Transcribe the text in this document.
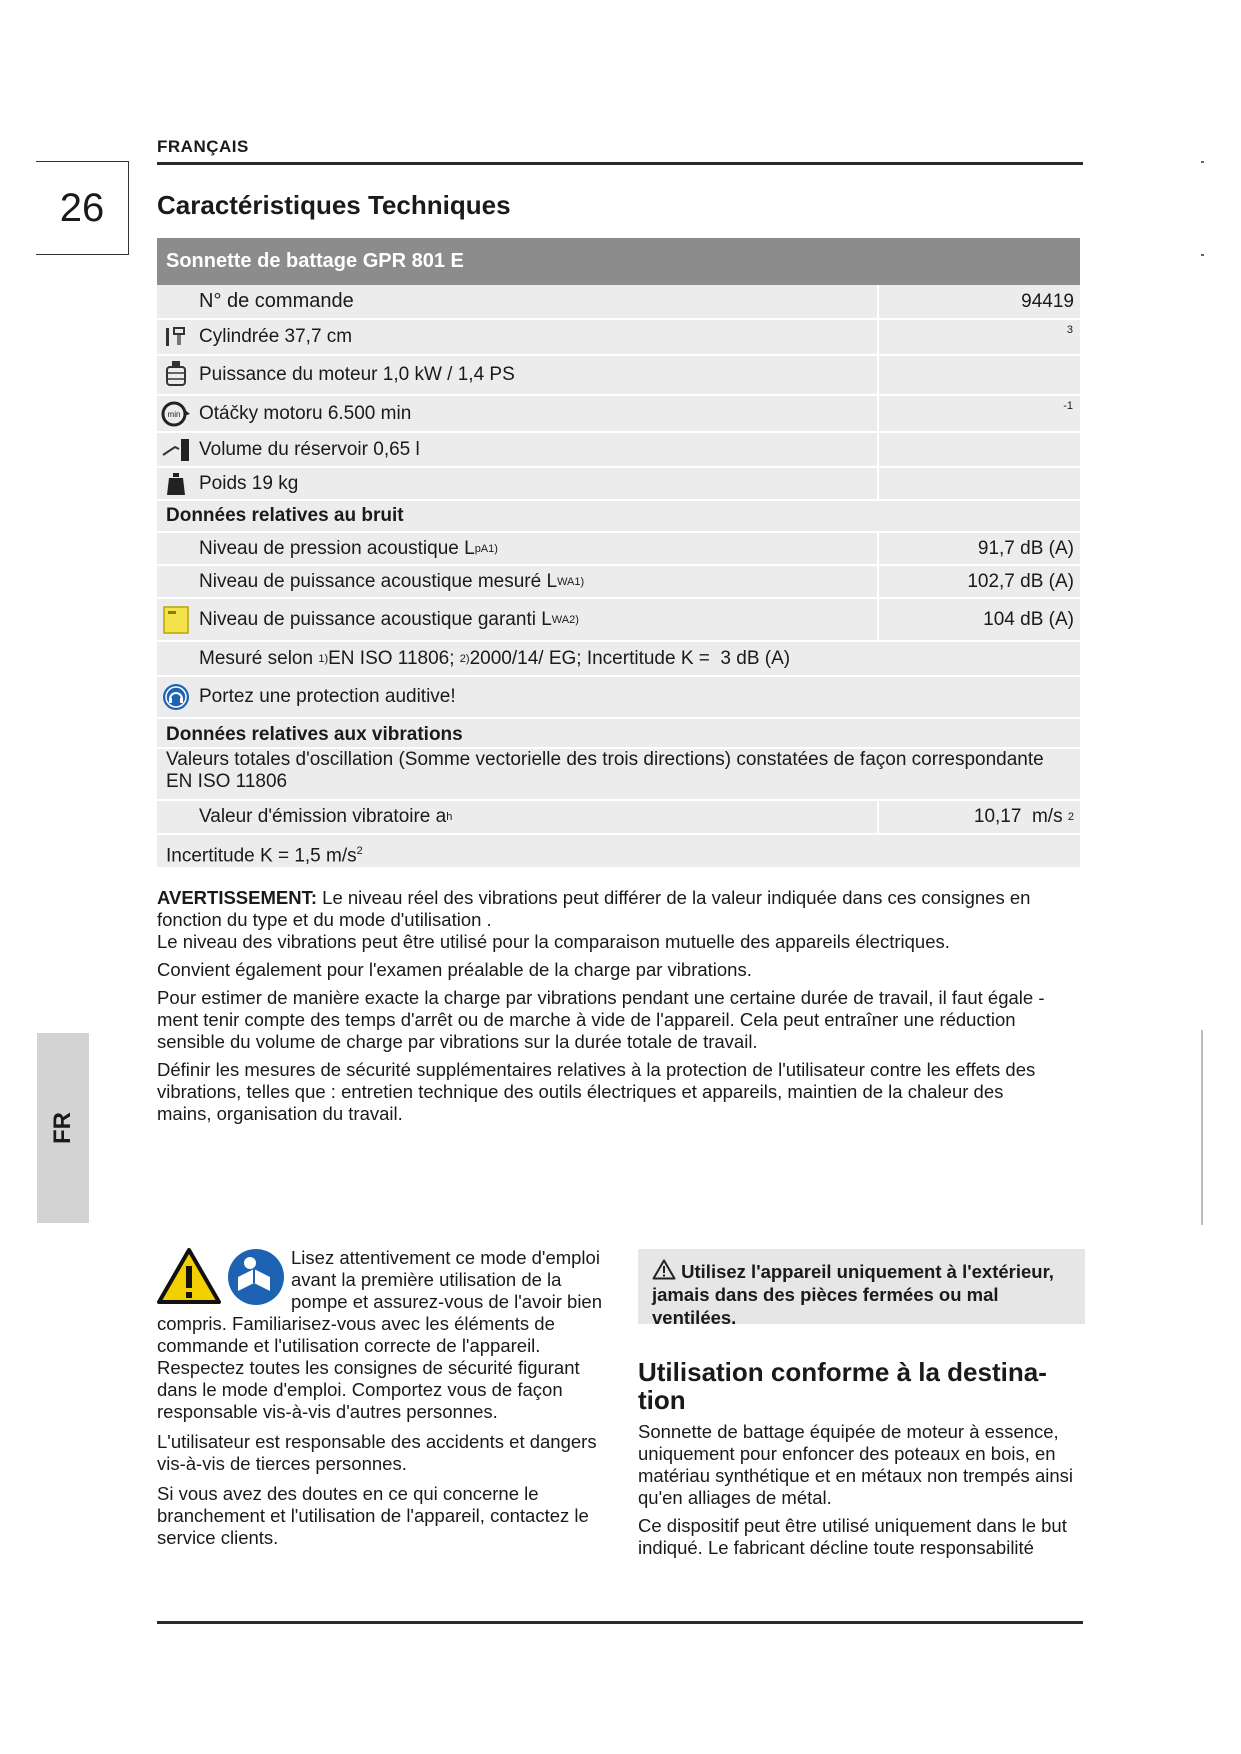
FRANÇAIS
26	Caractéristiques Techniques
Sonnette de battage GPR 801 E
N° de commande	94419
Cylindrée 37,7 cm	3
Puissance du moteur 1,0 kW / 1,4 PS
min Otáčky motoru 6.500 min	-1
Volume du réservoir 0,65 l
Poids 19 kg
Données relatives au bruit
Niveau de pression acoustique L pA 1)	91,7 dB (A)
Niveau de puissance acoustique mesuré L WA 1)	102,7 dB (A)
Niveau de puissance acoustique garanti L WA 2)	104 dB (A)
Mesuré selon 1) EN ISO 11806; 2) 2000/14/ EG; Incertitude K =  3 dB (A)
Portez une protection auditive!
Données relatives aux vibrations
Valeurs totales d'oscillation (Somme vectorielle des trois directions) constatées de façon correspondante EN ISO 11806
Valeur d'émission vibratoire a h	10,17  m/s 2
Incertitude K = 1,5 $m/s^2$

AVERTISSEMENT: Le niveau réel des vibrations peut différer de la valeur indiquée dans ces consignes en fonction du type et du mode d'utilisation .

Le niveau des vibrations peut être utilisé pour la comparaison mutuelle des appareils électriques.

Convient également pour l'examen préalable de la charge par vibrations.

Pour estimer de manière exacte la charge par vibrations pendant une certaine durée de travail, il faut égale - ment tenir compte des temps d'arrêt ou de marche à vide de l'appareil. Cela peut entraîner une réduction sensible du volume de charge par vibrations sur la durée totale de travail.

Définir les mesures de sécurité supplémentaires relatives à la protection de l'utilisateur contre les effets des vibrations, telles que : entretien technique des outils électriques et appareils, maintien de la chaleur des mains, organisation du travail.

FR

Lisez attentivement ce mode d'emploi avant la première utilisation de la pompe et assurez-vous de l'avoir bien compris. Familiarisez-vous avec les éléments de commande et l'utilisation correcte de l'appareil. Respectez toutes les consignes de sécurité figurant dans le mode d'emploi. Comportez vous de façon responsable vis-à-vis d'autres personnes.

L'utilisateur est responsable des accidents et dangers vis-à-vis de tierces personnes.

Si vous avez des doutes en ce qui concerne le branchement et l'utilisation de l'appareil, contactez le service clients.

Utilisez l'appareil uniquement à l'extérieur, jamais dans des pièces fermées ou mal ventilées.
Utilisation conforme à la destina- tion

Sonnette de battage équipée de moteur à essence, uniquement pour enfoncer des poteaux en bois, en matériau synthétique et en métaux non trempés ainsi qu'en alliages de métal.

Ce dispositif peut être utilisé uniquement dans le but indiqué. Le fabricant décline toute responsabilité
